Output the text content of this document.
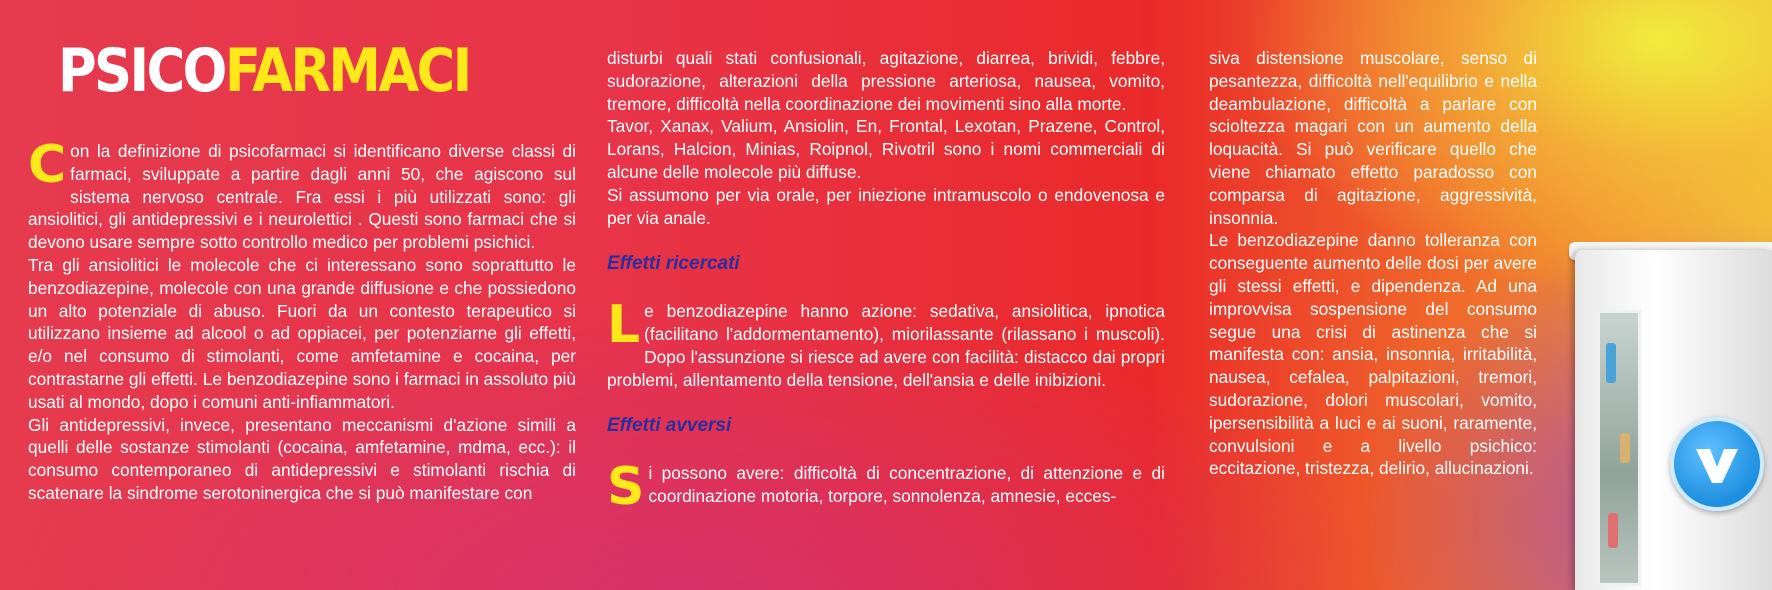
PSICOFARMACI

Con la definizione di psicofarmaci si identificano diverse classi di farmaci, sviluppate a partire dagli anni 50, che agiscono sul sistema nervoso centrale. Fra essi i più utilizzati sono: gli ansiolitici, gli antidepressivi e i neurolettici . Questi sono farmaci che si devono usare sempre sotto controllo medico per problemi psichici.

Tra gli ansiolitici le molecole che ci interessano sono soprattutto le benzodiazepine, molecole con una grande diffusione e che possiedono un alto potenziale di abuso. Fuori da un contesto terapeutico si utilizzano insieme ad alcool o ad oppiacei, per potenziarne gli effetti, e/o nel consumo di stimolanti, come amfetamine e cocaina, per contrastarne gli effetti. Le benzodiazepine sono i farmaci in assoluto più usati al mondo, dopo i comuni anti-infiammatori.

Gli antidepressivi, invece, presentano meccanismi d'azione simili a quelli delle sostanze stimolanti (cocaina, amfetamine, mdma, ecc.): il consumo contemporaneo di antidepressivi e stimolanti rischia di scatenare la sindrome serotoninergica che si può manifestare con

disturbi quali stati confusionali, agitazione, diarrea, brividi, febbre, sudorazione, alterazioni della pressione arteriosa, nausea, vomito, tremore, difficoltà nella coordinazione dei movimenti sino alla morte.

Tavor, Xanax, Valium, Ansiolin, En, Frontal, Lexotan, Prazene, Control, Lorans, Halcion, Minias, Roipnol, Rivotril sono i nomi commerciali di alcune delle molecole più diffuse.

Si assumono per via orale, per iniezione intramuscolo o endovenosa e per via anale.

Effetti ricercati

Le benzodiazepine hanno azione: sedativa, ansiolitica, ipnotica (facilitano l'addormentamento), miorilassante (rilassano i muscoli). Dopo l'assunzione si riesce ad avere con facilità: distacco dai propri problemi, allentamento della tensione, dell'ansia e delle inibizioni.

Effetti avversi

Si possono avere: difficoltà di concentrazione, di attenzione e di coordinazione motoria, torpore, sonnolenza, amnesie, ecces-

siva distensione muscolare, senso di pesantezza, difficoltà nell'equilibrio e nella deambulazione, difficoltà a parlare con scioltezza magari con un aumento della loquacità. Si può verificare quello che viene chiamato effetto paradosso con comparsa di agitazione, aggressività, insonnia.

Le benzodiazepine danno tolleranza con conseguente aumento delle dosi per avere gli stessi effetti, e dipendenza. Ad una improvvisa sospensione del consumo segue una crisi di astinenza che si manifesta con: ansia, insonnia, irritabilità, nausea, cefalea, palpitazioni, tremori, sudorazione, dolori muscolari, vomito, ipersensibilità a luci e ai suoni, raramente, convulsioni e a livello psichico: eccitazione, tristezza, delirio, allucinazioni.
